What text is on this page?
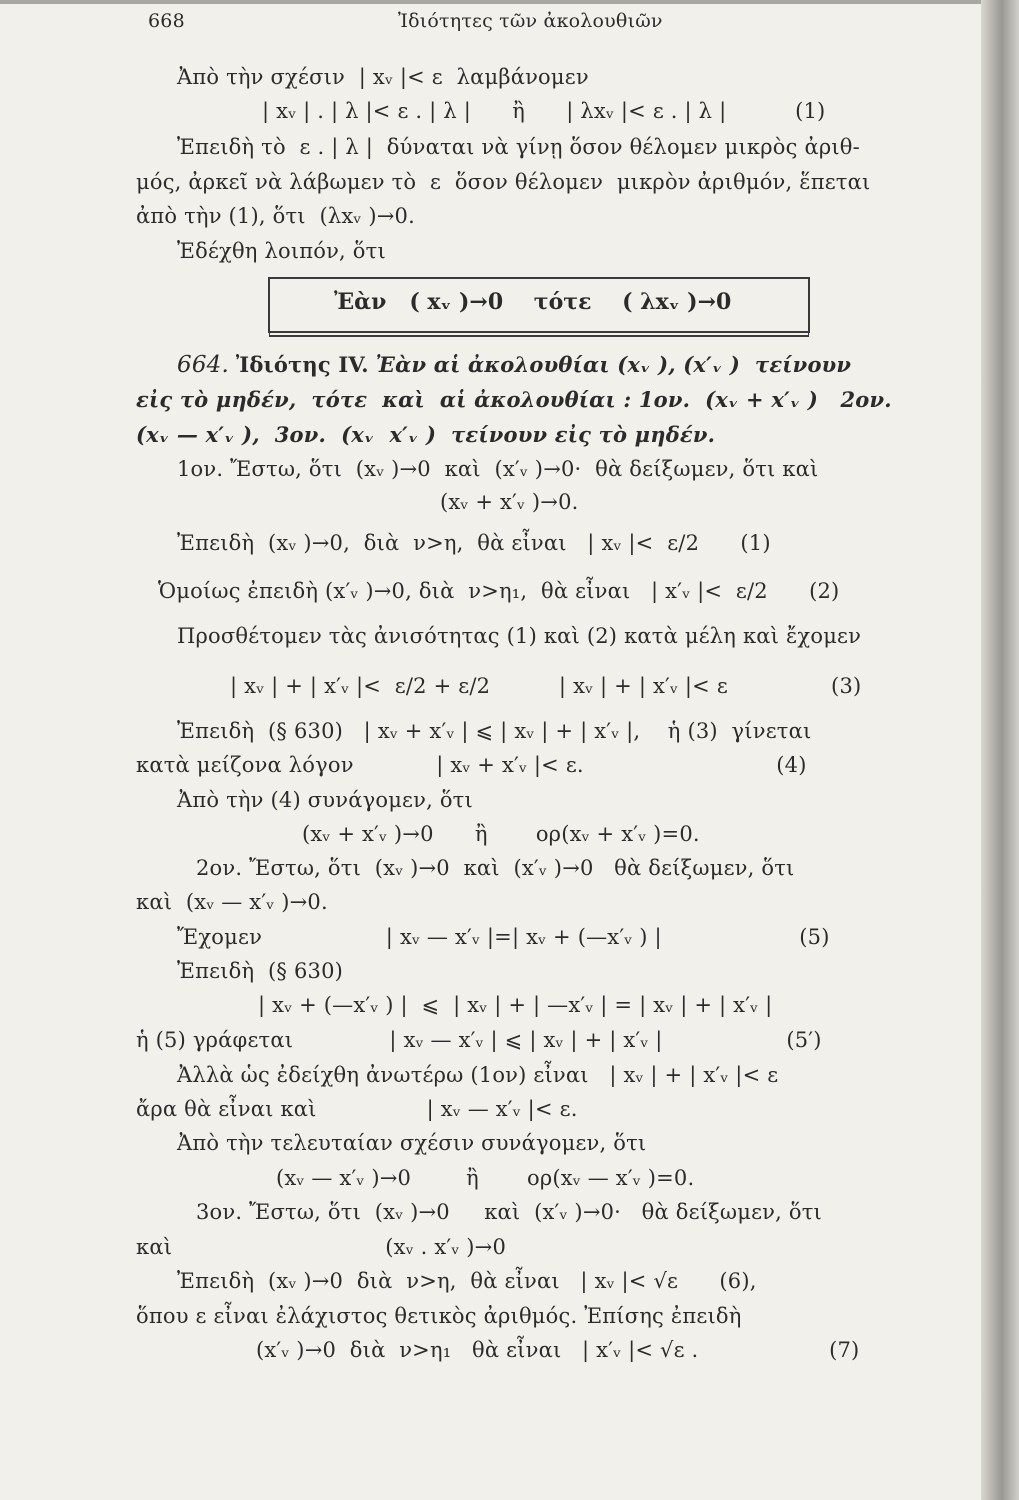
668	Ἰδιότητες τῶν ἀκολουθιῶν
Ἀπὸ τὴν σχέσιν  | xᵥ |< ε  λαμβάνομεν
| xᵥ | . | λ |< ε . | λ |      ἢ      | λxᵥ |< ε . | λ |          (1)
Ἐπειδὴ τὸ  ε . | λ |  δύναται νὰ γίνῃ ὅσον θέλομεν μικρὸς ἀριθ-
μός, ἀρκεῖ νὰ λάβωμεν τὸ  ε  ὅσον θέλομεν  μικρὸν ἀριθμόν, ἕπεται
ἀπὸ τὴν (1), ὅτι  (λxᵥ )→0.
Ἐδέχθη λοιπόν, ὅτι
Ἐὰν   ( xᵥ )→0    τότε    ( λxᵥ )→0
664. Ἰδιότης IV. Ἐὰν αἱ ἀκολουθίαι (xᵥ ), (x′ᵥ )  τείνουν
εἰς τὸ μηδέν,  τότε  καὶ  αἱ ἀκολουθίαι : 1ον.  (xᵥ + x′ᵥ )   2ον.
(xᵥ — x′ᵥ ),  3ον.  (xᵥ  x′ᵥ )  τείνουν εἰς τὸ μηδέν.
1ον. Ἔστω, ὅτι  (xᵥ )→0  καὶ  (x′ᵥ )→0·  θὰ δείξωμεν, ὅτι καὶ
(xᵥ + x′ᵥ )→0.
Ἐπειδὴ  (xᵥ )→0,  διὰ  ν>η,  θὰ εἶναι   | xᵥ |<  ε/2      (1)
Ὁμοίως ἐπειδὴ (x′ᵥ )→0, διὰ  ν>η₁,  θὰ εἶναι   | x′ᵥ |<  ε/2      (2)
Προσθέτομεν τὰς ἀνισότητας (1) καὶ (2) κατὰ μέλη καὶ ἔχομεν
| xᵥ | + | x′ᵥ |<  ε/2 + ε/2          | xᵥ | + | x′ᵥ |< ε               (3)
Ἐπειδὴ  (§ 630)   | xᵥ + x′ᵥ | ⩽ | xᵥ | + | x′ᵥ |,    ἡ (3)  γίνεται
κατὰ μείζονα λόγον            | xᵥ + x′ᵥ |< ε.                            (4)
Ἀπὸ τὴν (4) συνάγομεν, ὅτι
(xᵥ + x′ᵥ )→0      ἢ       ορ(xᵥ + x′ᵥ )=0.
2ον. Ἔστω, ὅτι  (xᵥ )→0  καὶ  (x′ᵥ )→0   θὰ δείξωμεν, ὅτι
καὶ  (xᵥ — x′ᵥ )→0.
Ἔχομεν                  | xᵥ — x′ᵥ |=| xᵥ + (—x′ᵥ ) |                    (5)
Ἐπειδὴ  (§ 630)
| xᵥ + (—x′ᵥ ) |  ⩽  | xᵥ | + | —x′ᵥ | = | xᵥ | + | x′ᵥ |
ἡ (5) γράφεται              | xᵥ — x′ᵥ | ⩽ | xᵥ | + | x′ᵥ |                  (5′)
Ἀλλὰ ὡς ἐδείχθη ἀνωτέρω (1ον) εἶναι   | xᵥ | + | x′ᵥ |< ε
ἄρα θὰ εἶναι καὶ                | xᵥ — x′ᵥ |< ε.
Ἀπὸ τὴν τελευταίαν σχέσιν συνάγομεν, ὅτι
(xᵥ — x′ᵥ )→0        ἢ       ορ(xᵥ — x′ᵥ )=0.
3ον. Ἔστω, ὅτι  (xᵥ )→0     καὶ  (x′ᵥ )→0·   θὰ δείξωμεν, ὅτι
καὶ                               (xᵥ . x′ᵥ )→0
Ἐπειδὴ  (xᵥ )→0  διὰ  ν>η,  θὰ εἶναι   | xᵥ |< √ε      (6),
ὅπου ε εἶναι ἐλάχιστος θετικὸς ἀριθμός. Ἐπίσης ἐπειδὴ
(x′ᵥ )→0  διὰ  ν>η₁   θὰ εἶναι   | x′ᵥ |< √ε .                   (7)
